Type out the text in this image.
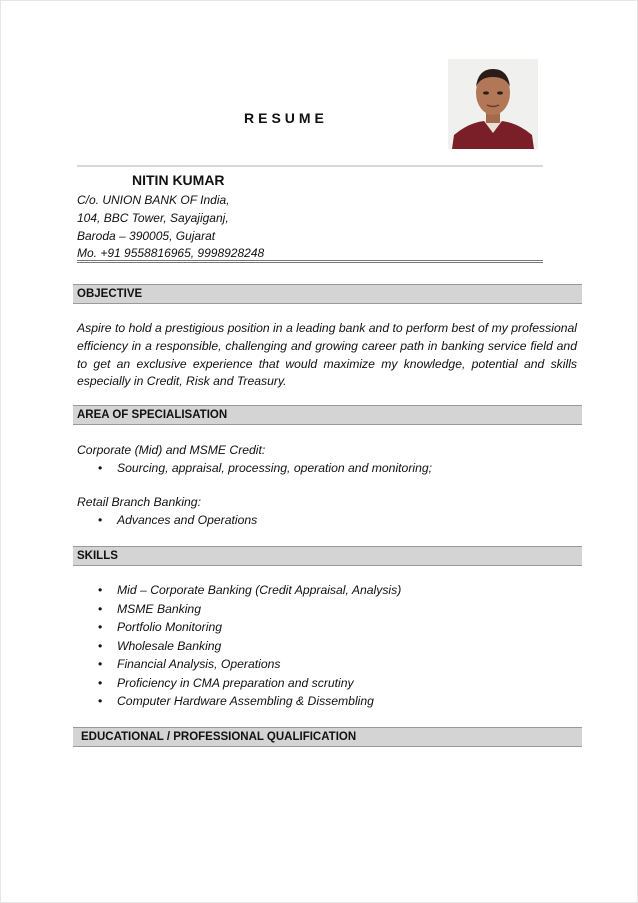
RESUME
NITIN KUMAR
C/o. UNION BANK OF India,
104, BBC Tower, Sayajiganj,
Baroda – 390005, Gujarat
Mo. +91 9558816965, 9998928248
OBJECTIVE
Aspire to hold a prestigious position in a leading bank and to perform best of my professional efficiency in a responsible, challenging and growing career path in banking service field and to get an exclusive experience that would maximize my knowledge, potential and skills especially in Credit, Risk and Treasury.
AREA OF SPECIALISATION
Corporate (Mid) and MSME Credit:
• Sourcing, appraisal, processing, operation and monitoring;
Retail Branch Banking:
• Advances and Operations
SKILLS
• Mid – Corporate Banking (Credit Appraisal, Analysis)
• MSME Banking
• Portfolio Monitoring
• Wholesale Banking
• Financial Analysis, Operations
• Proficiency in CMA preparation and scrutiny
• Computer Hardware Assembling & Dissembling
EDUCATIONAL / PROFESSIONAL QUALIFICATION
